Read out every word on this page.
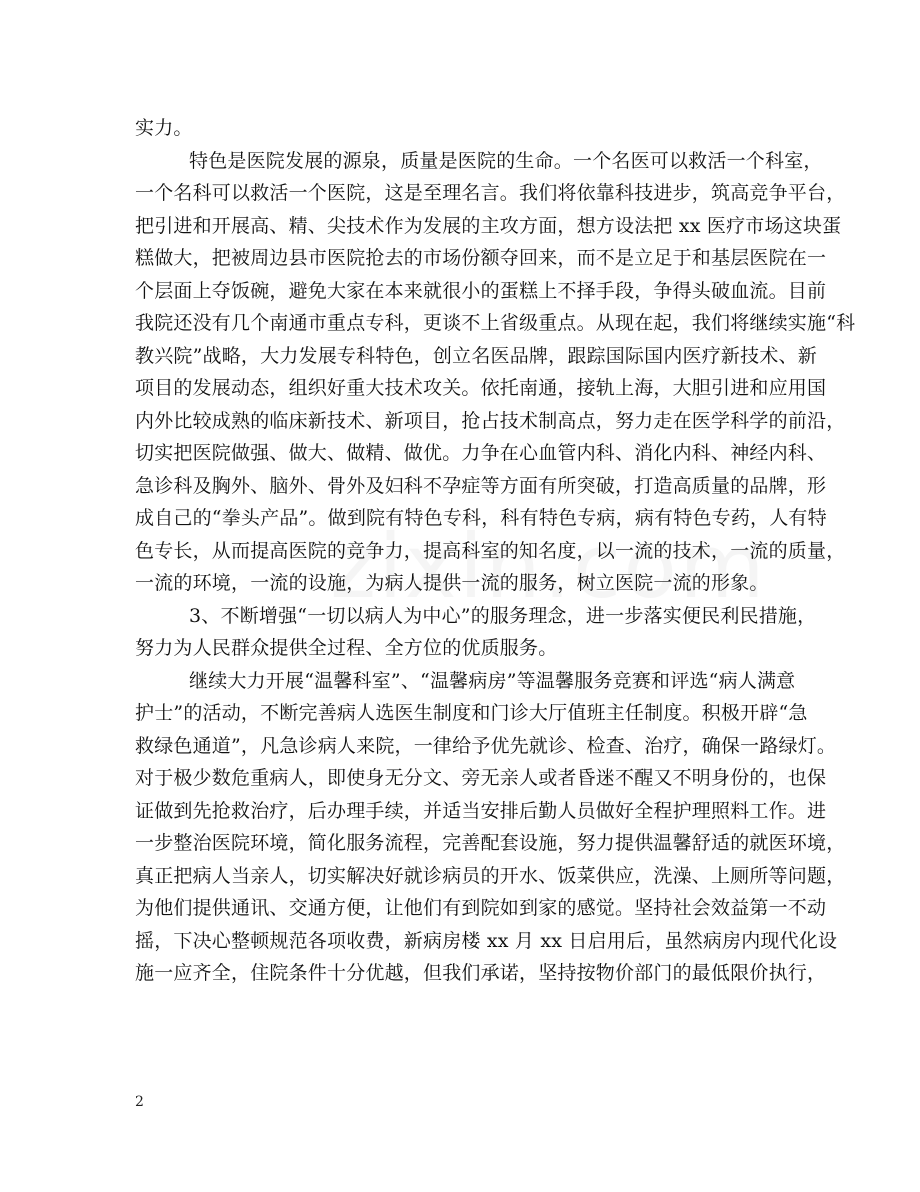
实力。
特色是医院发展的源泉，质量是医院的生命。一个名医可以救活一个科室，
一个名科可以救活一个医院，这是至理名言。我们将依靠科技进步，筑高竞争平台，
把引进和开展高、精、尖技术作为发展的主攻方面，想方设法把 xx 医疗市场这块蛋
糕做大，把被周边县市医院抢去的市场份额夺回来，而不是立足于和基层医院在一
个层面上夺饭碗，避免大家在本来就很小的蛋糕上不择手段，争得头破血流。目前
我院还没有几个南通市重点专科，更谈不上省级重点。从现在起，我们将继续实施“科
教兴院”战略，大力发展专科特色，创立名医品牌，跟踪国际国内医疗新技术、新
项目的发展动态，组织好重大技术攻关。依托南通，接轨上海，大胆引进和应用国
内外比较成熟的临床新技术、新项目，抢占技术制高点，努力走在医学科学的前沿，
切实把医院做强、做大、做精、做优。力争在心血管内科、消化内科、神经内科、
急诊科及胸外、脑外、骨外及妇科不孕症等方面有所突破，打造高质量的品牌，形
成自己的“拳头产品”。做到院有特色专科，科有特色专病，病有特色专药，人有特
色专长，从而提高医院的竞争力，提高科室的知名度，以一流的技术，一流的质量，
一流的环境，一流的设施，为病人提供一流的服务，树立医院一流的形象。
3、不断增强“一切以病人为中心”的服务理念，进一步落实便民利民措施，
努力为人民群众提供全过程、全方位的优质服务。
继续大力开展“温馨科室”、“温馨病房”等温馨服务竞赛和评选“病人满意
护士”的活动，不断完善病人选医生制度和门诊大厅值班主任制度。积极开辟“急
救绿色通道”，凡急诊病人来院，一律给予优先就诊、检查、治疗，确保一路绿灯。
对于极少数危重病人，即使身无分文、旁无亲人或者昏迷不醒又不明身份的，也保
证做到先抢救治疗，后办理手续，并适当安排后勤人员做好全程护理照料工作。进
一步整治医院环境，简化服务流程，完善配套设施，努力提供温馨舒适的就医环境，
真正把病人当亲人，切实解决好就诊病员的开水、饭菜供应，洗澡、上厕所等问题，
为他们提供通讯、交通方便，让他们有到院如到家的感觉。坚持社会效益第一不动
摇，下决心整顿规范各项收费，新病房楼 xx 月 xx 日启用后，虽然病房内现代化设
施一应齐全，住院条件十分优越，但我们承诺，坚持按物价部门的最低限价执行，
2
